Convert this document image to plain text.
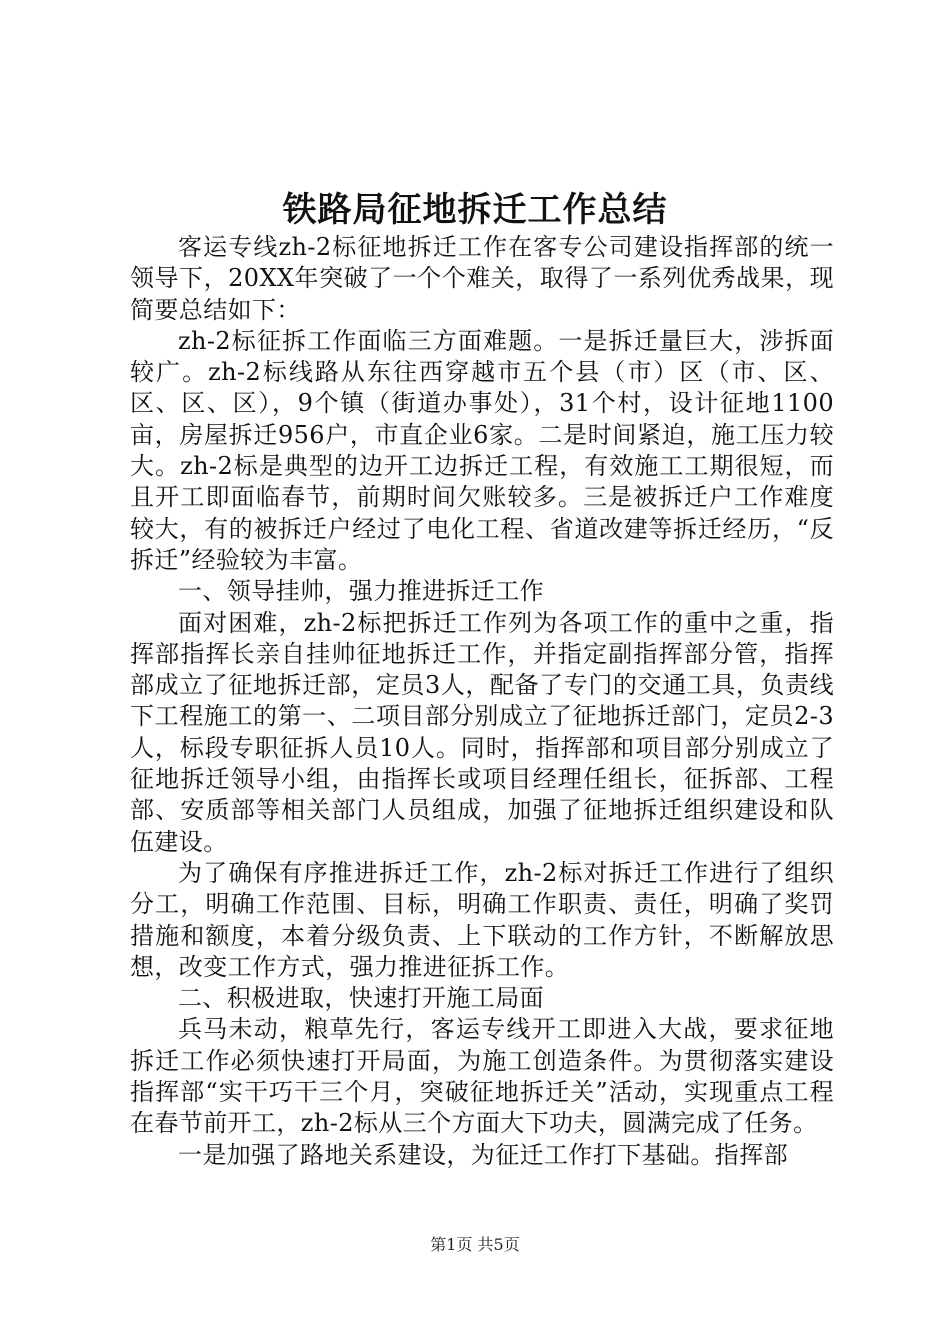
铁路局征地拆迁工作总结

客运专线zh-2标征地拆迁工作在客专公司建设指挥部的统一领导下，20XX年突破了一个个难关，取得了一系列优秀战果，现简要总结如下：

zh-2标征拆工作面临三方面难题。一是拆迁量巨大，涉拆面较广。zh-2标线路从东往西穿越市五个县（市）区（市、区、区、区、区），9个镇（街道办事处），31个村，设计征地1100亩，房屋拆迁956户，市直企业6家。二是时间紧迫，施工压力较大。zh-2标是典型的边开工边拆迁工程，有效施工工期很短，而且开工即面临春节，前期时间欠账较多。三是被拆迁户工作难度较大，有的被拆迁户经过了电化工程、省道改建等拆迁经历，“反拆迁”经验较为丰富。

一、领导挂帅，强力推进拆迁工作

面对困难，zh-2标把拆迁工作列为各项工作的重中之重，指挥部指挥长亲自挂帅征地拆迁工作，并指定副指挥部分管，指挥部成立了征地拆迁部，定员3人，配备了专门的交通工具，负责线下工程施工的第一、二项目部分别成立了征地拆迁部门，定员2-3人，标段专职征拆人员10人。同时，指挥部和项目部分别成立了征地拆迁领导小组，由指挥长或项目经理任组长，征拆部、工程部、安质部等相关部门人员组成，加强了征地拆迁组织建设和队伍建设。

为了确保有序推进拆迁工作，zh-2标对拆迁工作进行了组织分工，明确工作范围、目标，明确工作职责、责任，明确了奖罚措施和额度，本着分级负责、上下联动的工作方针，不断解放思想，改变工作方式，强力推进征拆工作。

二、积极进取，快速打开施工局面

兵马未动，粮草先行，客运专线开工即进入大战，要求征地拆迁工作必须快速打开局面，为施工创造条件。为贯彻落实建设指挥部“实干巧干三个月，突破征地拆迁关”活动，实现重点工程在春节前开工，zh-2标从三个方面大下功夫，圆满完成了任务。

一是加强了路地关系建设，为征迁工作打下基础。指挥部

第1页 共5页
